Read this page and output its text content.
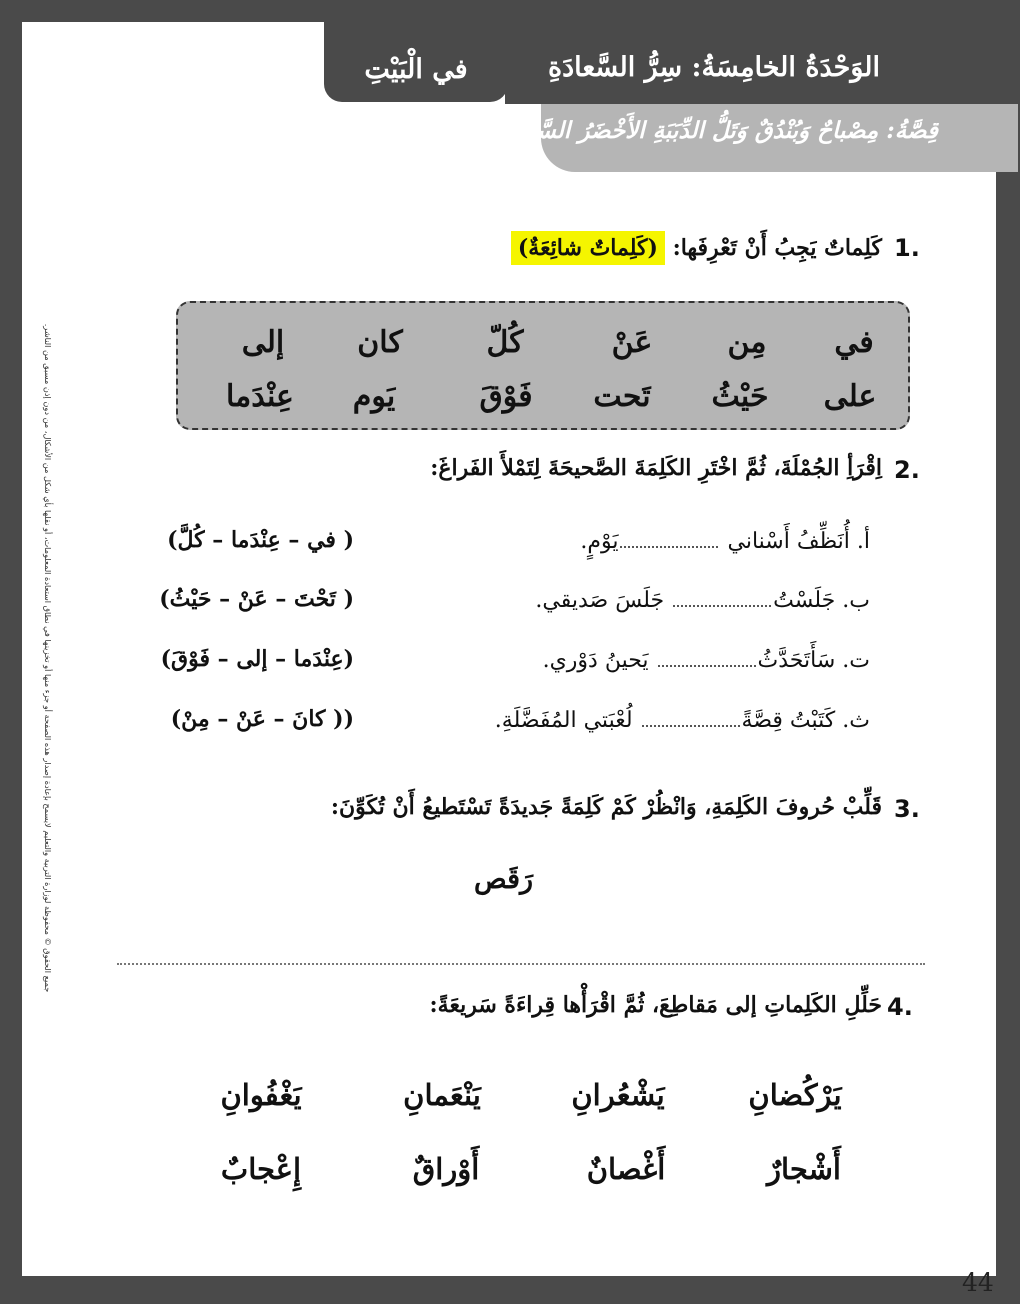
الوَحْدَةُ الخامِسَةُ: سِرُّ السَّعادَةِ
قِصَّةُ: مِصْباحٌ وَبُنْدُقٌ وَتَلُّ الدِّبَبَةِ الأَخْضَرُ السَّعيدُ
في الْبَيْتِ
1.
كَلِماتٌ يَجِبُ أَنْ تَعْرِفَها: (كَلِماتٌ شائِعَةٌ)
في
مِن
عَنْ
كُلّ
كان
إلى
على
حَيْثُ
تَحت
فَوْقَ
يَوم
عِنْدَما
2.
اِقْرَأِ الجُمْلَةَ، ثُمَّ اخْتَرِ الكَلِمَةَ الصَّحيحَةَ لِتَمْلأَ الفَراغَ:
أ. أُنَظِّفُ أَسْناني يَوْمٍ.
( في – عِنْدَما – كُلَّ)
ب. جَلَسْتُ جَلَسَ صَديقي.
( تَحْتَ – عَنْ – حَيْثُ)
ت. سَأَتَحَدَّثُ يَحينُ دَوْري.
(عِنْدَما – إلى – فَوْقَ)
ث. كَتَبْتُ قِصَّةً لُعْبَتي المُفَضَّلَةِ.
(( كانَ – عَنْ – مِنْ)
3.
قَلِّبْ حُروفَ الكَلِمَةِ، وَانْظُرْ كَمْ كَلِمَةً جَديدَةً تَسْتَطيعُ أَنْ تُكَوِّنَ:
رَقَص
4.
حَلِّلِ الكَلِماتِ إلى مَقاطِعَ، ثُمَّ اقْرَأْها قِراءَةً سَريعَةً:
يَرْكُضانِ
يَشْعُرانِ
يَنْعَمانِ
يَغْفُوانِ
أَشْجارٌ
أَغْصانٌ
أَوْراقٌ
إِعْجابٌ
44
جميع الحقوق © محفوظة لوزارة التربية والتعليم لايسمح بإعادة إصدار هذه الصفحة أو جزء منها أو تخزينها في نطاق استعادة المعلومات، أو نقلها بأي شكل من الأشكال، من دون إذن مسبق من الناشر.
